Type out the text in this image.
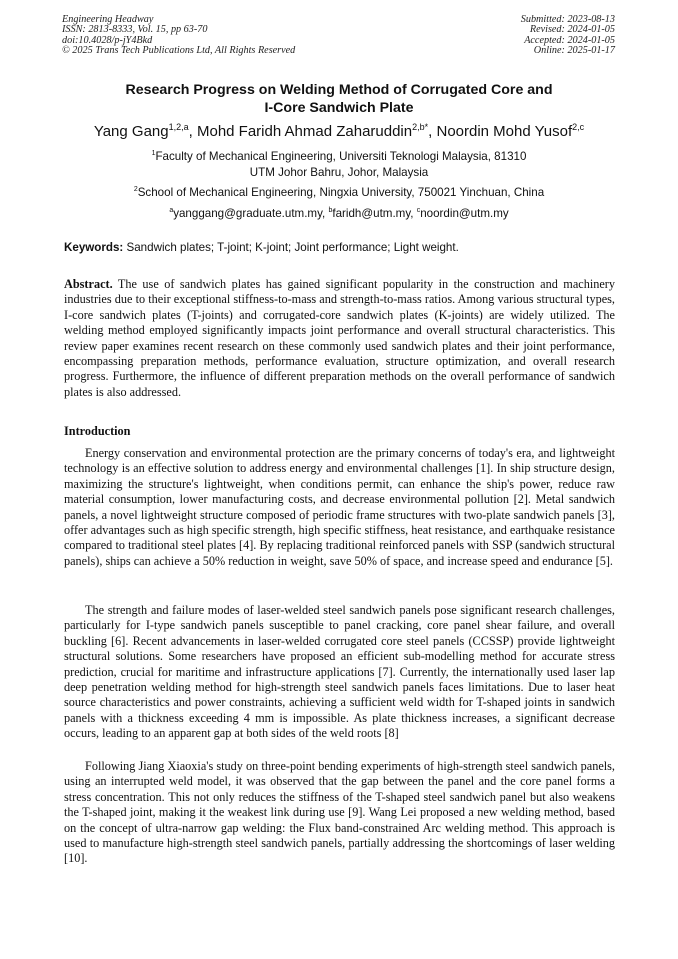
Engineering Headway
ISSN: 2813-8333, Vol. 15, pp 63-70
doi:10.4028/p-jY4Bkd
© 2025 Trans Tech Publications Ltd, All Rights Reserved
Submitted: 2023-08-13
Revised: 2024-01-05
Accepted: 2024-01-05
Online: 2025-01-17
Research Progress on Welding Method of Corrugated Core and
I-Core Sandwich Plate
Yang Gang$^{1,2,a}$, Mohd Faridh Ahmad Zaharuddin$^{2,b*}$, Noordin Mohd Yusof$^{2,c}$
$^1$Faculty of Mechanical Engineering, Universiti Teknologi Malaysia, 81310
UTM Johor Bahru, Johor, Malaysia
$^2$School of Mechanical Engineering, Ningxia University, 750021 Yinchuan, China
$^a$yanggang@graduate.utm.my, $^b$faridh@utm.my, $^c$noordin@utm.my
Keywords: Sandwich plates; T-joint; K-joint; Joint performance; Light weight.

Abstract. The use of sandwich plates has gained significant popularity in the construction and machinery industries due to their exceptional stiffness-to-mass and strength-to-mass ratios. Among various structural types, I-core sandwich plates (T-joints) and corrugated-core sandwich plates (K-joints) are widely utilized. The welding method employed significantly impacts joint performance and overall structural characteristics. This review paper examines recent research on these commonly used sandwich plates and their joint performance, encompassing preparation methods, performance evaluation, structure optimization, and overall research progress. Furthermore, the influence of different preparation methods on the overall performance of sandwich plates is also addressed.

Introduction

Energy conservation and environmental protection are the primary concerns of today's era, and lightweight technology is an effective solution to address energy and environmental challenges [1]. In ship structure design, maximizing the structure's lightweight, when conditions permit, can enhance the ship's power, reduce raw material consumption, lower manufacturing costs, and decrease environmental pollution [2]. Metal sandwich panels, a novel lightweight structure composed of periodic frame structures with two-plate sandwich panels [3], offer advantages such as high specific strength, high specific stiffness, heat resistance, and earthquake resistance compared to traditional steel plates [4]. By replacing traditional reinforced panels with SSP (sandwich structural panels), ships can achieve a 50% reduction in weight, save 50% of space, and increase speed and endurance [5].

The strength and failure modes of laser-welded steel sandwich panels pose significant research challenges, particularly for I-type sandwich panels susceptible to panel cracking, core panel shear failure, and overall buckling [6]. Recent advancements in laser-welded corrugated core steel panels (CCSSP) provide lightweight structural solutions. Some researchers have proposed an efficient sub-modelling method for accurate stress prediction, crucial for maritime and infrastructure applications [7]. Currently, the internationally used laser lap deep penetration welding method for high-strength steel sandwich panels faces limitations. Due to laser heat source characteristics and power constraints, achieving a sufficient weld width for T-shaped joints in sandwich panels with a thickness exceeding 4 mm is impossible. As plate thickness increases, a significant decrease occurs, leading to an apparent gap at both sides of the weld roots [8]

Following Jiang Xiaoxia's study on three-point bending experiments of high-strength steel sandwich panels, using an interrupted weld model, it was observed that the gap between the panel and the core panel forms a stress concentration. This not only reduces the stiffness of the T-shaped steel sandwich panel but also weakens the T-shaped joint, making it the weakest link during use [9]. Wang Lei proposed a new welding method, based on the concept of ultra-narrow gap welding: the Flux band-constrained Arc welding method. This approach is used to manufacture high-strength steel sandwich panels, partially addressing the shortcomings of laser welding [10].
